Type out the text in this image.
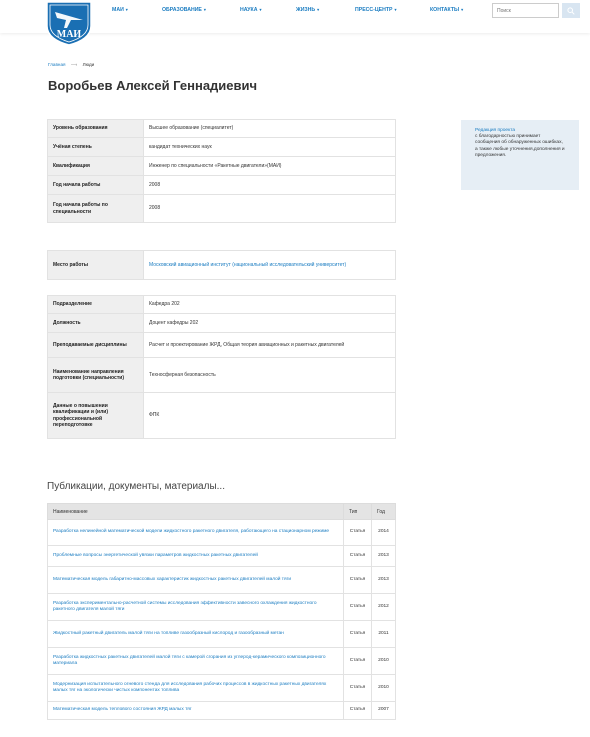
МАИ
МАИ ▾	ОБРАЗОВАНИЕ ▾	НАУКА ▾	ЖИЗНЬ ▾	ПРЕСС-ЦЕНТР ▾	КОНТАКТЫ ▾
Поиск
Главная ⟶ Люди
Воробьев Алексей Геннадиевич
Уровень образования	Высшее образование (специалитет)
Учёная степень	кандидат технических наук
Квалификация	Инженер по специальности «Ракетные двигатели»(МАИ)
Год начала работы	2008
Год начала работы по специальности	2008
Место работы	Московский авиационный институт (национальный исследовательский университет)
Подразделение	Кафедра 202
Должность	Доцент кафедры 202
Преподаваемые дисциплины	Расчет и проектирование ЖРД, Общая теория авиационных и ракетных двигателей
Наименование направления подготовки (специальности)	Техносферная безопасность
Данные о повышении квалификации и (или) профессиональной переподготовке	ФПК
Редакция проекта
с благодарностью принимает сообщения об обнаруженных ошибках, а также любые уточнения,дополнения и предложения.
Публикации, документы, материалы...
Наименование	Тип	Год
Разработка нелинейной математической модели жидкостного ракетного двигателя, работающего на стационарном режиме	Статья	2014
Проблемные вопросы энергетической увязки параметров жидкостных ракетных двигателей	Статья	2013
Математическая модель габаритно-массовых характеристик жидкостных ракетных двигателей малой тяги	Статья	2013
Разработка экспериментально-расчетной системы исследования эффективности завесного охлаждения жидкостного ракетного двигателя малой тяги	Статья	2012
Жидкостный ракетный двигатель малой тяги на топливе газообразный кислород и газообразный метан	Статья	2011
Разработка жидкостных ракетных двигателей малой тяги с камерой сгорания из углерод-керамического композиционного материала	Статья	2010
Модернизация испытательного огневого стенда для исследования рабочих процессов в жидкостных ракетных двигателях малых тяг на экологически чистых компонентах топлива	Статья	2010
Математическая модель теплового состояния ЖРД малых тяг	Статья	2007
